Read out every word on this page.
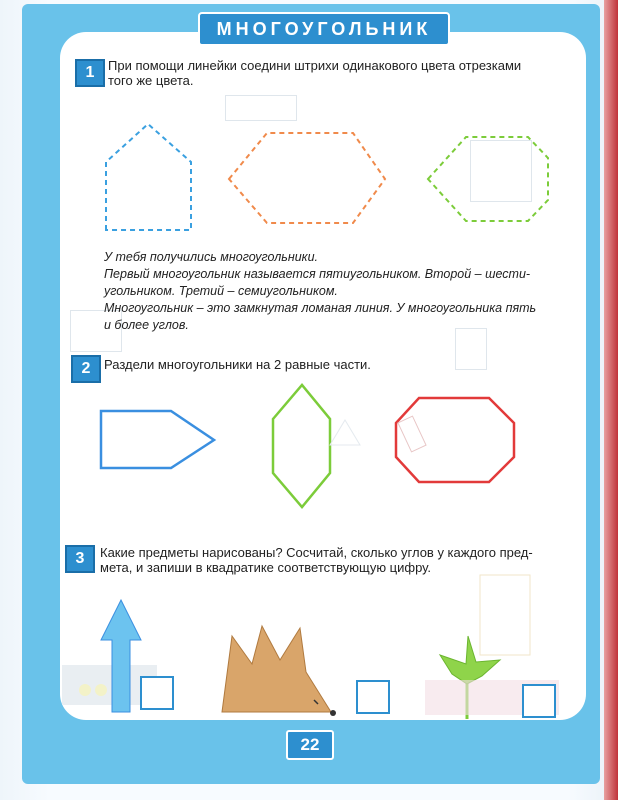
МНОГОУГОЛЬНИК
1	При помощи линейки соедини штрихи одинакового цвета отрезками
того же цвета.
У тебя получились многоугольники.
Первый многоугольник называется пятиугольником. Второй – шести-
угольником. Третий – семиугольником.
Многоугольник – это замкнутая ломаная линия. У многоугольника пять
и более углов.
2	Раздели многоугольники на 2 равные части.
3	Какие предметы нарисованы? Сосчитай, сколько углов у каждого пред-
мета, и запиши в квадратике соответствующую цифру.
22
